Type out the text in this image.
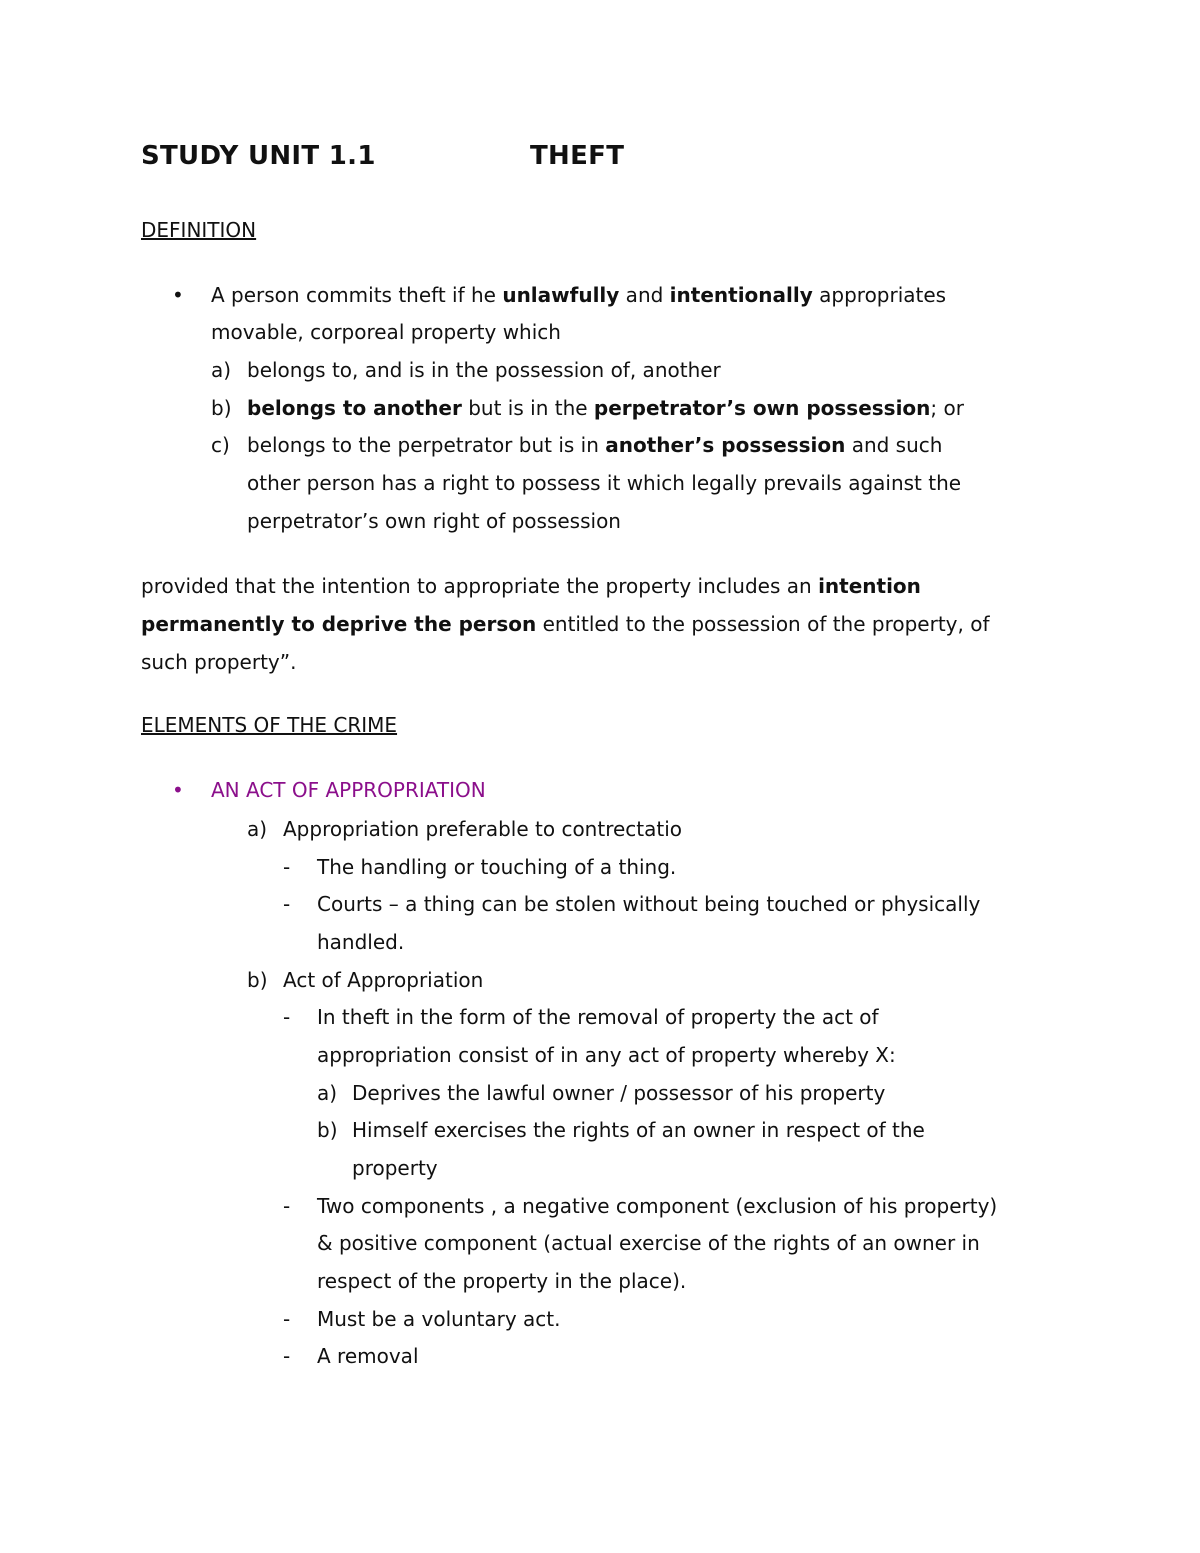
STUDY UNIT 1.1	THEFT
DEFINITION
• A person commits theft if he unlawfully and intentionally appropriates
movable, corporeal property which
a) belongs to, and is in the possession of, another
b) belongs to another but is in the perpetrator’s own possession; or
c) belongs to the perpetrator but is in another’s possession and such
other person has a right to possess it which legally prevails against the
perpetrator’s own right of possession
provided that the intention to appropriate the property includes an intention
permanently to deprive the person entitled to the possession of the property, of
such property”.
ELEMENTS OF THE CRIME
• AN ACT OF APPROPRIATION
a) Appropriation preferable to contrectatio
- The handling or touching of a thing.
- Courts – a thing can be stolen without being touched or physically
handled.
b) Act of Appropriation
- In theft in the form of the removal of property the act of
appropriation consist of in any act of property whereby X:
a) Deprives the lawful owner / possessor of his property
b) Himself exercises the rights of an owner in respect of the
property
- Two components , a negative component (exclusion of his property)
& positive component (actual exercise of the rights of an owner in
respect of the property in the place).
- Must be a voluntary act.
- A removal
